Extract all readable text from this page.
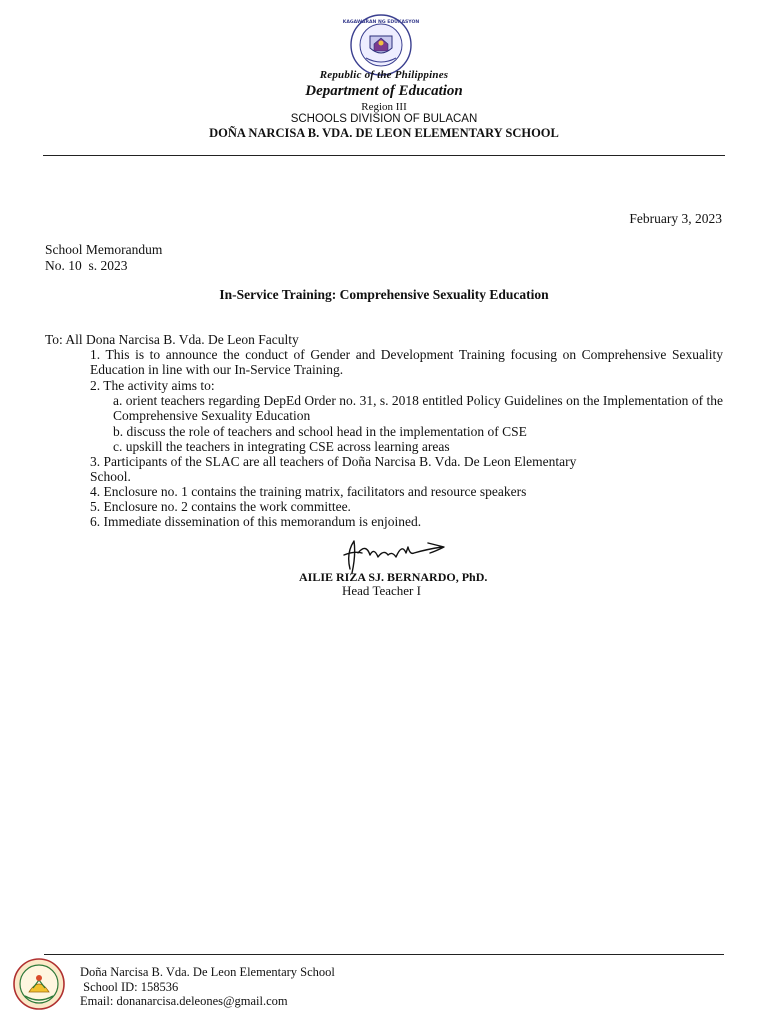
KAGAWARAN NG EDUKASYON
Republic of the Philippines
Department of Education
Region III
SCHOOLS DIVISION OF BULACAN
DOÑA NARCISA B. VDA. DE LEON ELEMENTARY SCHOOL
February 3, 2023
School Memorandum
No. 10  s. 2023
In-Service Training: Comprehensive Sexuality Education
To: All Dona Narcisa B. Vda. De Leon Faculty
1. This is to announce the conduct of Gender and Development Training focusing on Comprehensive Sexuality Education in line with our In-Service Training.
2. The activity aims to:
a. orient teachers regarding DepEd Order no. 31, s. 2018 entitled Policy Guidelines on the Implementation of the Comprehensive Sexuality Education
b. discuss the role of teachers and school head in the implementation of CSE
c. upskill the teachers in integrating CSE across learning areas
3. Participants of the SLAC are all teachers of Doña Narcisa B. Vda. De Leon Elementary
School.
4. Enclosure no. 1 contains the training matrix, facilitators and resource speakers
5. Enclosure no. 2 contains the work committee.
6. Immediate dissemination of this memorandum is enjoined.
AILIE RIZA SJ. BERNARDO, PhD.
Head Teacher I
Doña Narcisa B. Vda. De Leon Elementary School
School ID: 158536
Email: donanarcisa.deleones@gmail.com
